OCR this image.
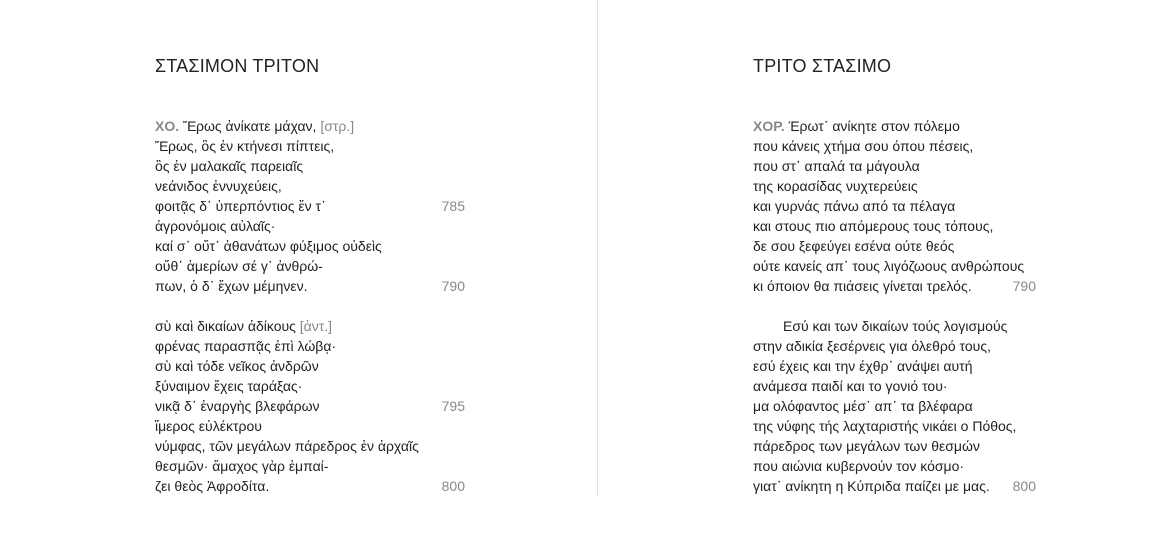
ΣΤΑΣΙΜΟΝ ΤΡΙΤΟΝ
ΧΟ. Ἔρως ἀνίκατε μάχαν, [στρ.]
Ἔρως, ὃς ἐν κτήνεσι πίπτεις,
ὃς ἐν μαλακαῖς παρειαῖς
νεάνιδος ἐννυχεύεις,
φοιτᾷς δ᾽ ὑπερπόντιος ἔν τ᾽	785
ἀγρονόμοις αὐλαῖς·
καί σ᾽ οὔτ᾽ ἀθανάτων φύξιμος οὐδεὶς
οὔθ᾽ ἁμερίων σέ γ᾽ ἀνθρώ-
πων, ὁ δ᾽ ἔχων μέμηνεν.	790
σὺ καὶ δικαίων ἀδίκους [ἀντ.]
φρένας παρασπᾷς ἐπὶ λώβᾳ·
σὺ καὶ τόδε νεῖκος ἀνδρῶν
ξύναιμον ἔχεις ταράξας·
νικᾷ δ᾽ ἐναργὴς βλεφάρων	795
ἵμερος εὐλέκτρου
νύμφας, τῶν μεγάλων πάρεδρος ἐν ἀρχαῖς
θεσμῶν· ἄμαχος γὰρ ἐμπαί-
ζει θεὸς Ἀφροδίτα.	800
ΤΡΙΤΟ ΣΤΑΣΙΜΟ
ΧΟΡ. Έρωτ᾽ ανίκητε στον πόλεμο
που κάνεις χτήμα σου όπου πέσεις,
που στ᾽ απαλά τα μάγουλα
της κορασίδας νυχτερεύεις
και γυρνάς πάνω από τα πέλαγα
και στους πιο απόμερους τους τόπους,
δε σου ξεφεύγει εσένα ούτε θεός
ούτε κανείς απ᾽ τους λιγόζωους ανθρώπους
κι όποιον θα πιάσεις γίνεται τρελός.	790
Εσύ και των δικαίων τούς λογισμούς
στην αδικία ξεσέρνεις για όλεθρό τους,
εσύ έχεις και την έχθρ᾽ ανάψει αυτή
ανάμεσα παιδί και το γονιό του·
μα ολόφαντος μέσ᾽ απ᾽ τα βλέφαρα
της νύφης τής λαχταριστής νικάει ο Πόθος,
πάρεδρος των μεγάλων των θεσμών
που αιώνια κυβερνούν τον κόσμο·
γιατ᾽ ανίκητη η Κύπριδα παίζει με μας. 800
